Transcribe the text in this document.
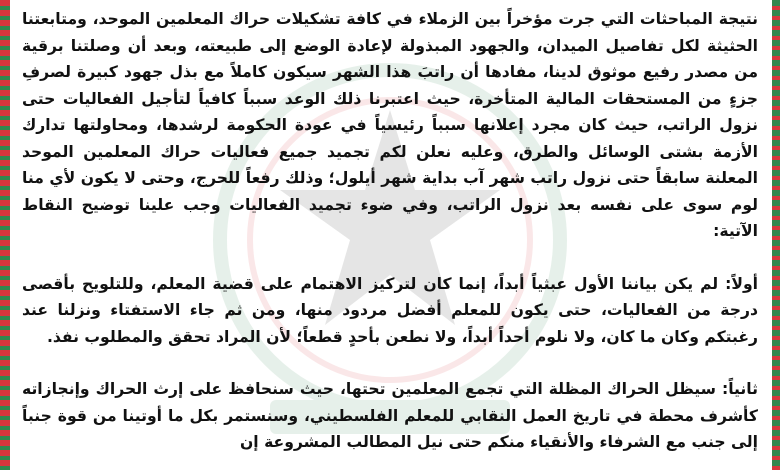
نتيجة المباحثات التي جرت مؤخراً بين الزملاء في كافة تشكيلات حراك المعلمين الموحد، ومتابعتنا الحثيثة لكل تفاصيل الميدان، والجهود المبذولة لإعادة الوضع إلى طبيعته، وبعد أن وصلتنا برقية من مصدر رفيع موثوق لدينا، مفادها أن راتبَ هذا الشهر سيكون كاملاً مع بذل جهود كبيرة لصرفِ جزءٍ من المستحقات المالية المتأخرة، حيث اعتبرنا ذلك الوعد سبباً كافياً لتأجيل الفعاليات حتى نزول الراتب، حيث كان مجرد إعلانها سبباً رئيسياً في عودة الحكومة لرشدها، ومحاولتها تدارك الأزمة بشتى الوسائل والطرق، وعليه نعلن لكم تجميد جميع فعاليات حراك المعلمين الموحد المعلنة سابقاً حتى نزول راتب شهر آب بداية شهر أيلول؛ وذلك رفعاً للحرج، وحتى لا يكون لأي منا لوم سوى على نفسه بعد نزول الراتب، وفي ضوء تجميد الفعاليات وجب علينا توضيح النقاط الآتية:

أولاً: لم يكن بياننا الأول عبثياً أبداً، إنما كان لتركيز الاهتمام على قضية المعلم، وللتلويح بأقصى درجة من الفعاليات، حتى يكون للمعلم أفضل مردود منها، ومن ثم جاء الاستفتاء ونزلنا عند رغبتكم وكان ما كان، ولا نلوم أحداً أبداً، ولا نطعن بأحدٍ قطعاً؛ لأن المراد تحقق والمطلوب نفذ.

ثانياً: سيظل الحراك المظلة التي تجمع المعلمين تحتها، حيث سنحافظ على إرث الحراك وإنجازاته كأشرف محطة في تاريخ العمل النقابي للمعلم الفلسطيني، وسنستمر بكل ما أوتينا من قوة جنباً إلى جنب مع الشرفاء والأنقياء منكم حتى نيل المطالب المشروعة إن
